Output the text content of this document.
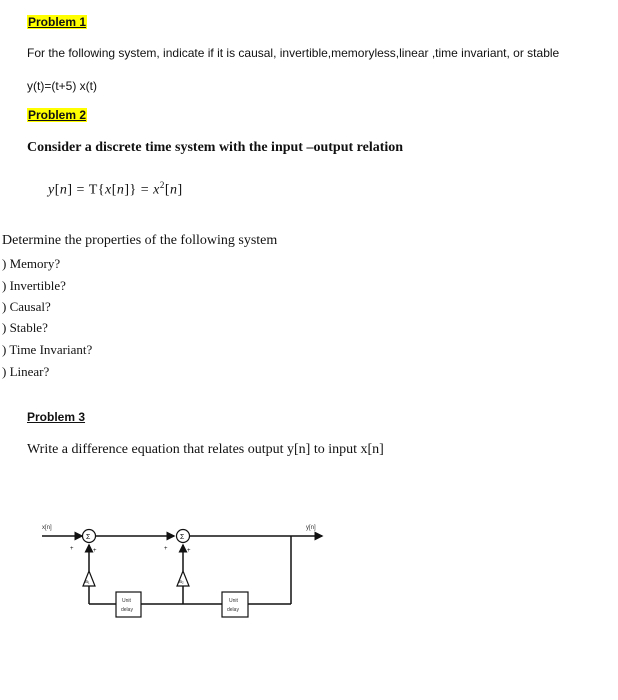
Problem 1
For the following system, indicate if it is causal, invertible,memoryless,linear ,time invariant, or stable
y(t)=(t+5) x(t)
Problem 2
Consider a discrete time system with the input –output relation
$y[n] = T\{x[n]\} = x^2[n]$
Determine the properties of the following system
) Memory?
) Invertible?
) Causal?
) Stable?
) Time Invariant?
) Linear?
Problem 3
Write a difference equation that relates output y[n] to input x[n]
x[n]	y[n]
Σ
+	+
Σ
+	+
a₁	a₂
Unit
delay
Unit
delay
